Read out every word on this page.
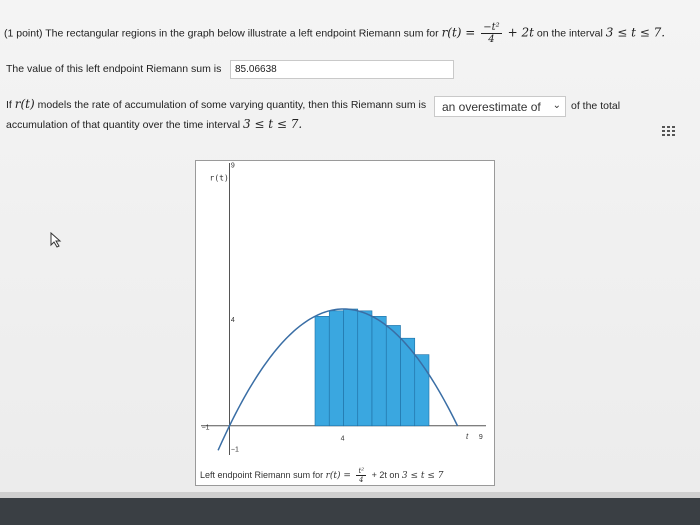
(1 point) The rectangular regions in the graph below illustrate a left endpoint Riemann sum for $r(t) = \frac{\text{−t²}}{4} + 2t$ on the interval 3 ≤ t ≤ 7.
The value of this left endpoint Riemann sum is	85.06638
If r(t) models the rate of accumulation of some varying quantity, then this Riemann sum is	an overestimate of ⌄ of the total
accumulation of that quantity over the time interval 3 ≤ t ≤ 7.
r(t)
9
4
−1
4	t 9
−1
Left endpoint Riemann sum for $r(t) = \frac{\text{t²}}{4} + 2t$ on 3 ≤ t ≤ 7
